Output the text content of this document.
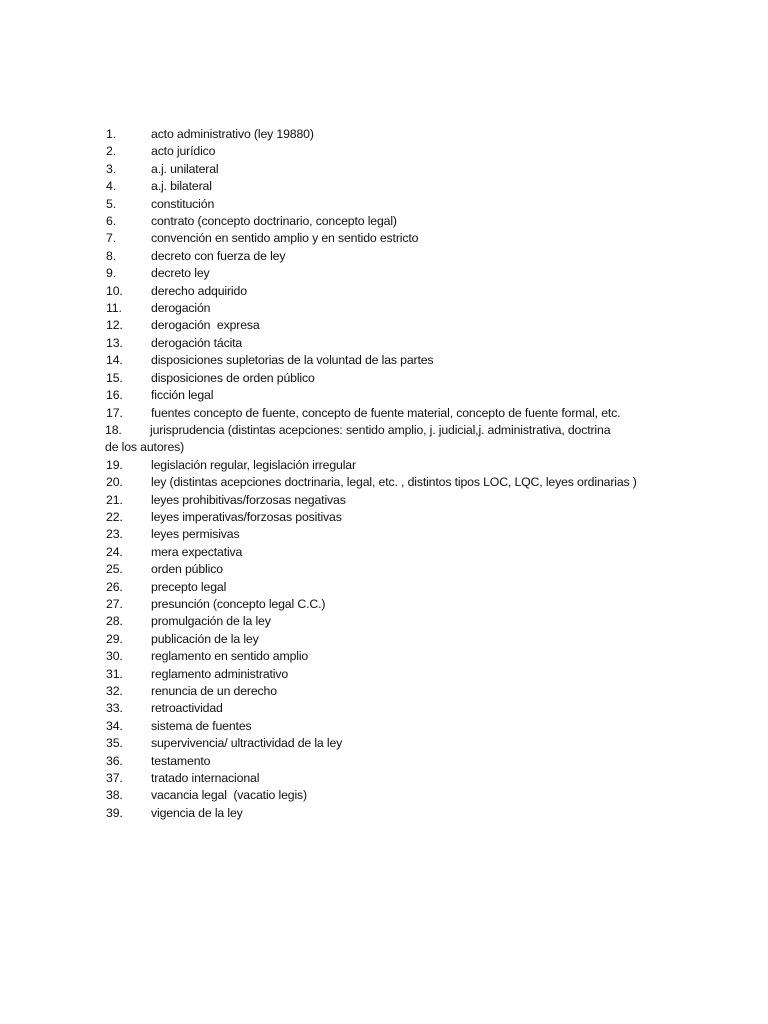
1.	acto administrativo (ley 19880)
2.	acto jurídico
3.	a.j. unilateral
4.	a.j. bilateral
5.	constitución
6.	contrato (concepto doctrinario, concepto legal)
7.	convención en sentido amplio y en sentido estricto
8.	decreto con fuerza de ley
9.	decreto ley
10. derecho adquirido
11. derogación
12. derogación  expresa
13. derogación tácita
14. disposiciones supletorias de la voluntad de las partes
15. disposiciones de orden público
16. ficción legal
17. fuentes concepto de fuente, concepto de fuente material, concepto de fuente formal, etc.
18. jurisprudencia (distintas acepciones: sentido amplio, j. judicial,j. administrativa, doctrina
de los autores)
19. legislación regular, legislación irregular
20. ley (distintas acepciones doctrinaria, legal, etc. , distintos tipos LOC, LQC, leyes ordinarias )
21. leyes prohibitivas/forzosas negativas
22. leyes imperativas/forzosas positivas
23. leyes permisivas
24. mera expectativa
25. orden público
26. precepto legal
27. presunción (concepto legal C.C.)
28. promulgación de la ley
29. publicación de la ley
30. reglamento en sentido amplio
31. reglamento administrativo
32. renuncia de un derecho
33. retroactividad
34. sistema de fuentes
35. supervivencia/ ultractividad de la ley
36. testamento
37. tratado internacional
38. vacancia legal  (vacatio legis)
39. vigencia de la ley
